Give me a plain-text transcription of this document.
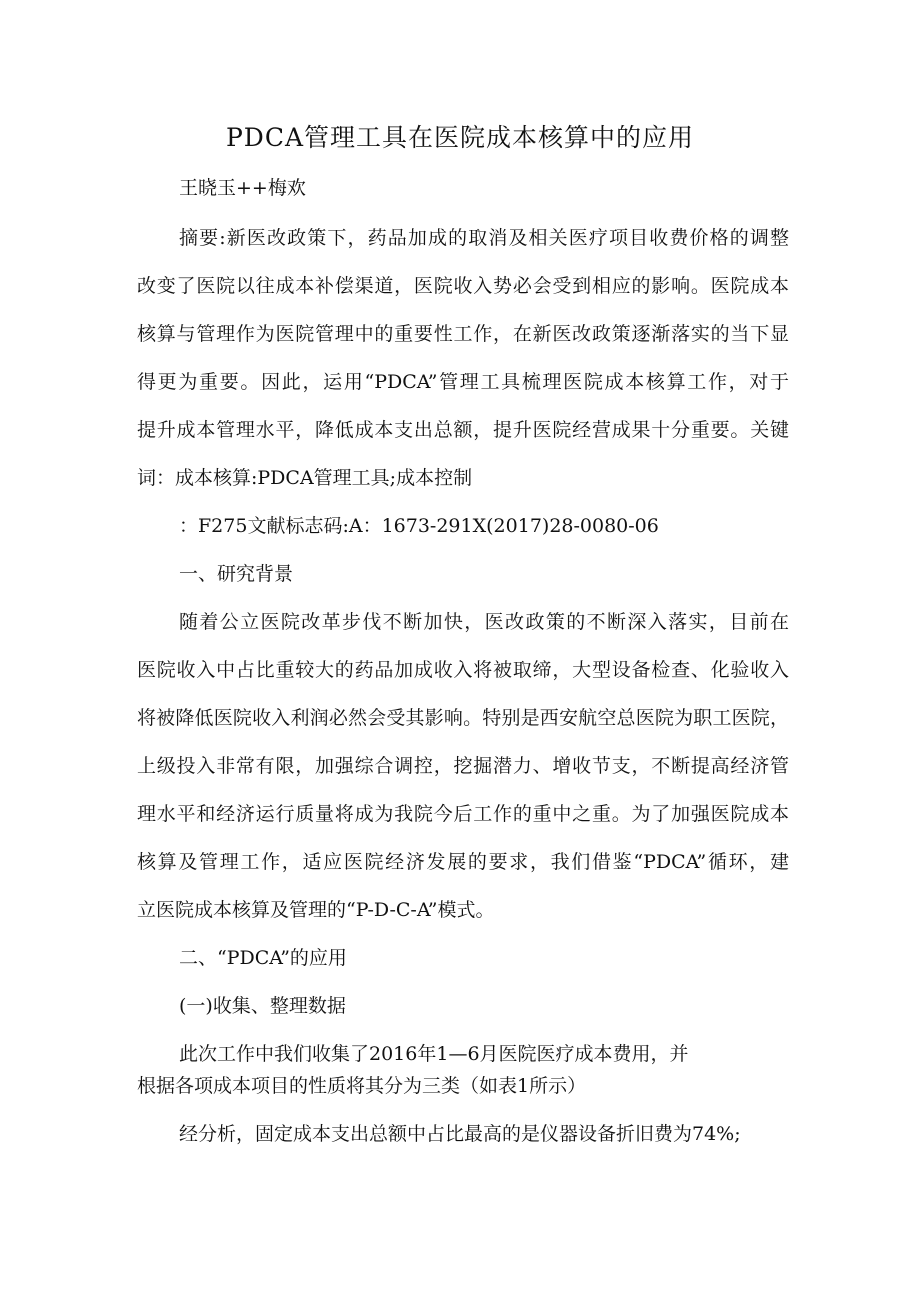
PDCA管理工具在医院成本核算中的应用
王晓玉++梅欢
摘要:新医改政策下，药品加成的取消及相关医疗项目收费价格的调整
改变了医院以往成本补偿渠道，医院收入势必会受到相应的影响。医院成本
核算与管理作为医院管理中的重要性工作，在新医改政策逐渐落实的当下显
得更为重要。因此，运用“PDCA”管理工具梳理医院成本核算工作，对于
提升成本管理水平，降低成本支出总额，提升医院经营成果十分重要。关键
词：成本核算:PDCA管理工具;成本控制
：F275文献标志码:A：1673-291X(2017)28-0080-06
一、研究背景
随着公立医院改革步伐不断加快，医改政策的不断深入落实，目前在
医院收入中占比重较大的药品加成收入将被取缔，大型设备检查、化验收入
将被降低医院收入利润必然会受其影响。特别是西安航空总医院为职工医院，
上级投入非常有限，加强综合调控，挖掘潜力、增收节支，不断提高经济管
理水平和经济运行质量将成为我院今后工作的重中之重。为了加强医院成本
核算及管理工作，适应医院经济发展的要求，我们借鉴“PDCA”循环，建
立医院成本核算及管理的“P-D-C-A”模式。
二、“PDCA”的应用
(一)收集、整理数据
此次工作中我们收集了2016年1—6月医院医疗成本费用，并
根据各项成本项目的性质将其分为三类（如表1所示）
经分析，固定成本支出总额中占比最高的是仪器设备折旧费为74%;
